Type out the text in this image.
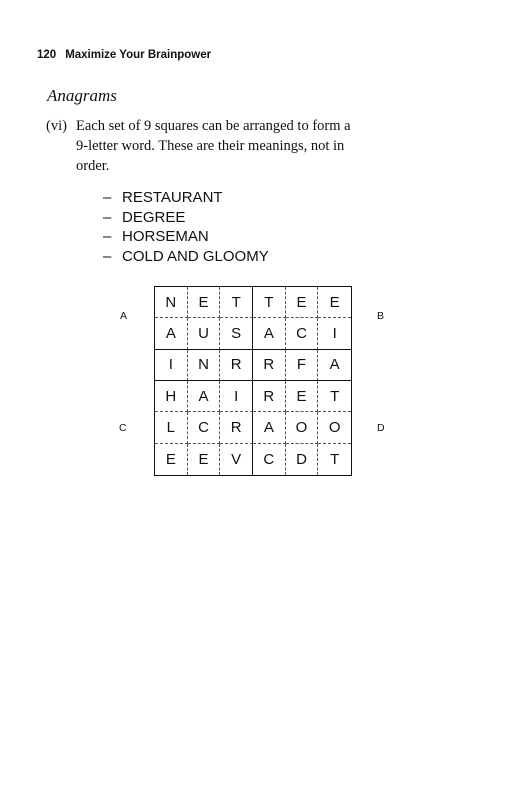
120 Maximize Your Brainpower
Anagrams
(vi) Each set of 9 squares can be arranged to form a
9-letter word. These are their meanings, not in
order.
– RESTAURANT
– DEGREE
– HORSEMAN
– COLD AND GLOOMY
A	B
C	D
N	E	T	T	E	E
A	U	S	A	C	I
I	N	R	R	F	A
H	A	I	R	E	T
L	C	R	A	O	O
E	E	V	C	D	T
